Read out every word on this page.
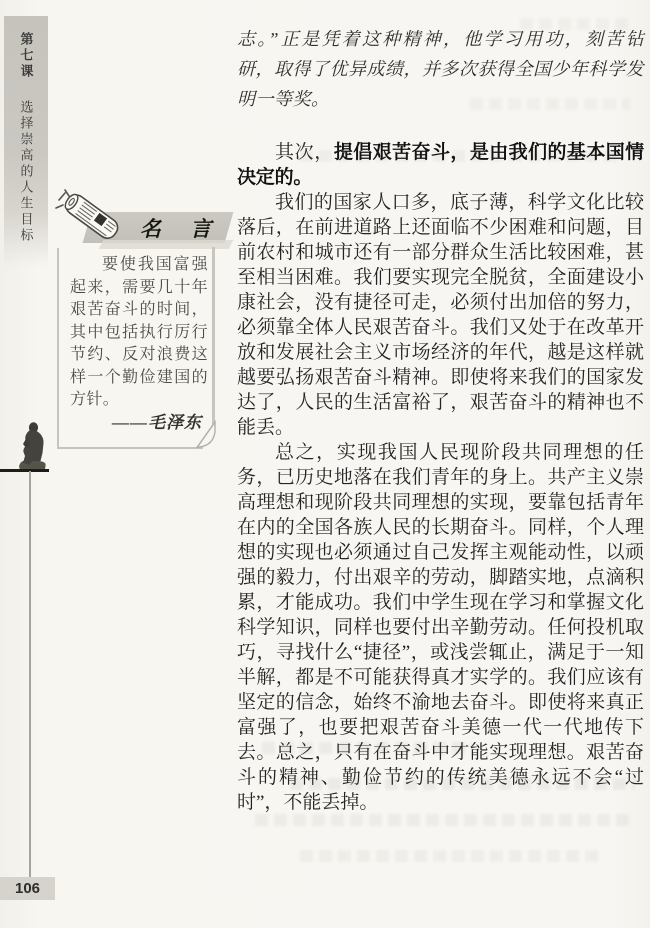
第七课
选择崇高的人生目标
106
名 言
要使我国富强起来，需要几十年艰苦奋斗的时间，其中包括执行厉行节约、反对浪费这样一个勤俭建国的方针。
——毛泽东

志。”正是凭着这种精神，他学习用功，刻苦钻研，取得了优异成绩，并多次获得全国少年科学发明一等奖。

其次，提倡艰苦奋斗，是由我们的基本国情决定的。

我们的国家人口多，底子薄，科学文化比较落后，在前进道路上还面临不少困难和问题，目前农村和城市还有一部分群众生活比较困难，甚至相当困难。我们要实现完全脱贫，全面建设小康社会，没有捷径可走，必须付出加倍的努力，必须靠全体人民艰苦奋斗。我们又处于在改革开放和发展社会主义市场经济的年代，越是这样就越要弘扬艰苦奋斗精神。即使将来我们的国家发达了，人民的生活富裕了，艰苦奋斗的精神也不能丢。

总之，实现我国人民现阶段共同理想的任务，已历史地落在我们青年的身上。共产主义崇高理想和现阶段共同理想的实现，要靠包括青年在内的全国各族人民的长期奋斗。同样，个人理想的实现也必须通过自己发挥主观能动性，以顽强的毅力，付出艰辛的劳动，脚踏实地，点滴积累，才能成功。我们中学生现在学习和掌握文化科学知识，同样也要付出辛勤劳动。任何投机取巧，寻找什么“捷径”，或浅尝辄止，满足于一知半解，都是不可能获得真才实学的。我们应该有坚定的信念，始终不渝地去奋斗。即使将来真正富强了，也要把艰苦奋斗美德一代一代地传下去。总之，只有在奋斗中才能实现理想。艰苦奋斗的精神、勤俭节约的传统美德永远不会“过时”，不能丢掉。
